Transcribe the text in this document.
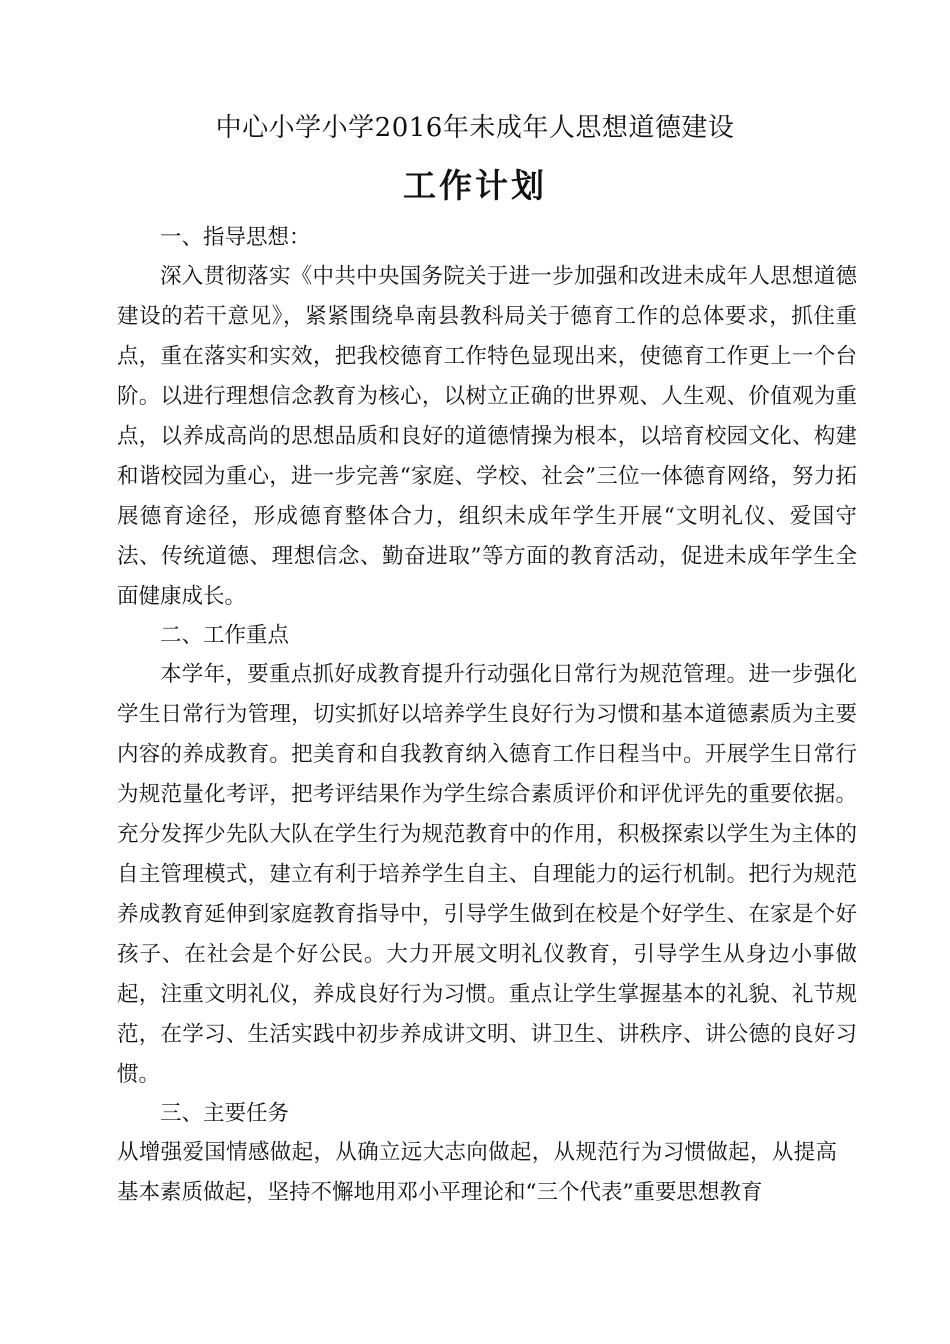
中心小学小学2016年未成年人思想道德建设
工作计划
一、指导思想：
深入贯彻落实《中共中央国务院关于进一步加强和改进未成年人思想道德建设的若干意见》，紧紧围绕阜南县教科局关于德育工作的总体要求，抓住重点，重在落实和实效，把我校德育工作特色显现出来，使德育工作更上一个台阶。以进行理想信念教育为核心，以树立正确的世界观、人生观、价值观为重点，以养成高尚的思想品质和良好的道德情操为根本，以培育校园文化、构建和谐校园为重心，进一步完善“家庭、学校、社会”三位一体德育网络，努力拓展德育途径，形成德育整体合力，组织未成年学生开展“文明礼仪、爱国守法、传统道德、理想信念、勤奋进取”等方面的教育活动，促进未成年学生全面健康成长。
二、工作重点
本学年，要重点抓好成教育提升行动强化日常行为规范管理。进一步强化学生日常行为管理，切实抓好以培养学生良好行为习惯和基本道德素质为主要内容的养成教育。把美育和自我教育纳入德育工作日程当中。开展学生日常行为规范量化考评，把考评结果作为学生综合素质评价和评优评先的重要依据。充分发挥少先队大队在学生行为规范教育中的作用，积极探索以学生为主体的自主管理模式，建立有利于培养学生自主、自理能力的运行机制。把行为规范养成教育延伸到家庭教育指导中，引导学生做到在校是个好学生、在家是个好孩子、在社会是个好公民。大力开展文明礼仪教育，引导学生从身边小事做起，注重文明礼仪，养成良好行为习惯。重点让学生掌握基本的礼貌、礼节规范，在学习、生活实践中初步养成讲文明、讲卫生、讲秩序、讲公德的良好习惯。
三、主要任务
从增强爱国情感做起，从确立远大志向做起，从规范行为习惯做起，从提高基本素质做起，坚持不懈地用邓小平理论和“三个代表”重要思想教育
